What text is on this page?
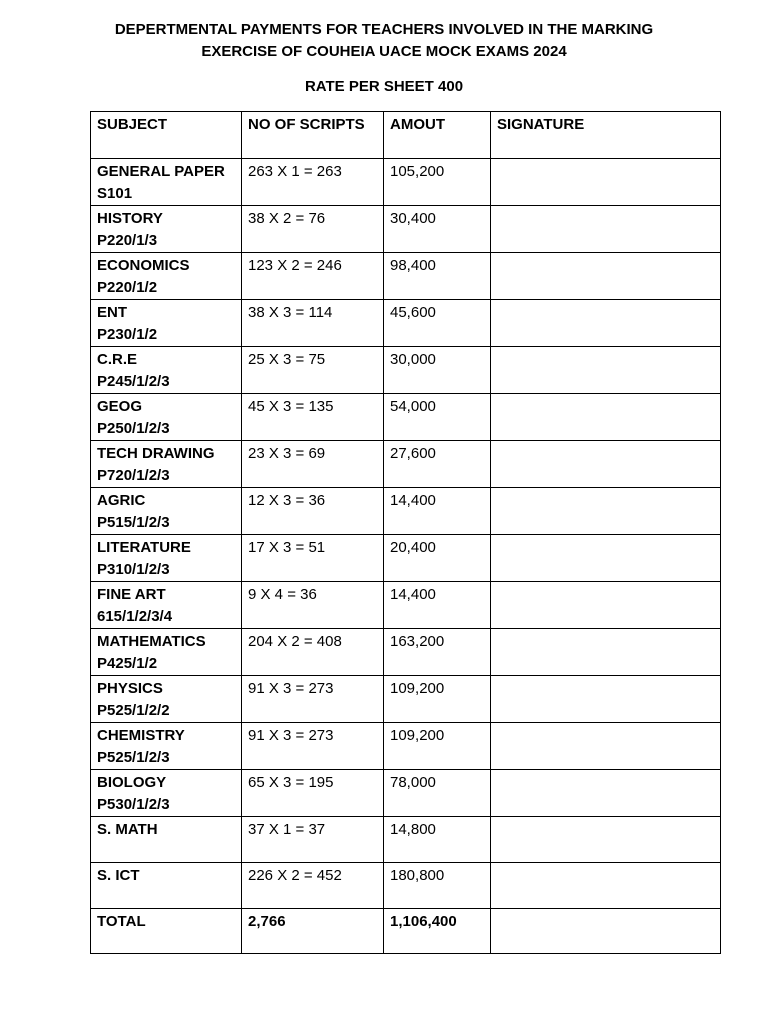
DEPERTMENTAL PAYMENTS FOR TEACHERS INVOLVED IN THE MARKING
EXERCISE OF COUHEIA UACE MOCK EXAMS 2024
RATE PER SHEET 400
SUBJECT	NO OF SCRIPTS	AMOUT	SIGNATURE

GENERAL PAPER
S101	263 X 1 = 263	105,200	

HISTORY
P220/1/3	38 X 2 = 76	30,400	

ECONOMICS
P220/1/2	123 X 2 = 246	98,400	

ENT
P230/1/2	38 X 3 = 114	45,600	

C.R.E
P245/1/2/3	25 X 3 = 75	30,000	

GEOG
P250/1/2/3	45 X 3 = 135	54,000	

TECH DRAWING
P720/1/2/3	23 X 3 = 69	27,600	

AGRIC
P515/1/2/3	12 X 3 = 36	14,400	

LITERATURE
P310/1/2/3	17 X 3 = 51	20,400	

FINE ART
615/1/2/3/4	9 X 4 = 36	14,400	

MATHEMATICS
P425/1/2	204 X 2 = 408	163,200	

PHYSICS
P525/1/2/2	91 X 3 = 273	109,200	

CHEMISTRY
P525/1/2/3	91 X 3 = 273	109,200	

BIOLOGY
P530/1/2/3	65 X 3 = 195	78,000	

S. MATH	37 X 1 = 37	14,800	

S. ICT	226 X 2 = 452	180,800	
TOTAL	2,766	1,106,400	
